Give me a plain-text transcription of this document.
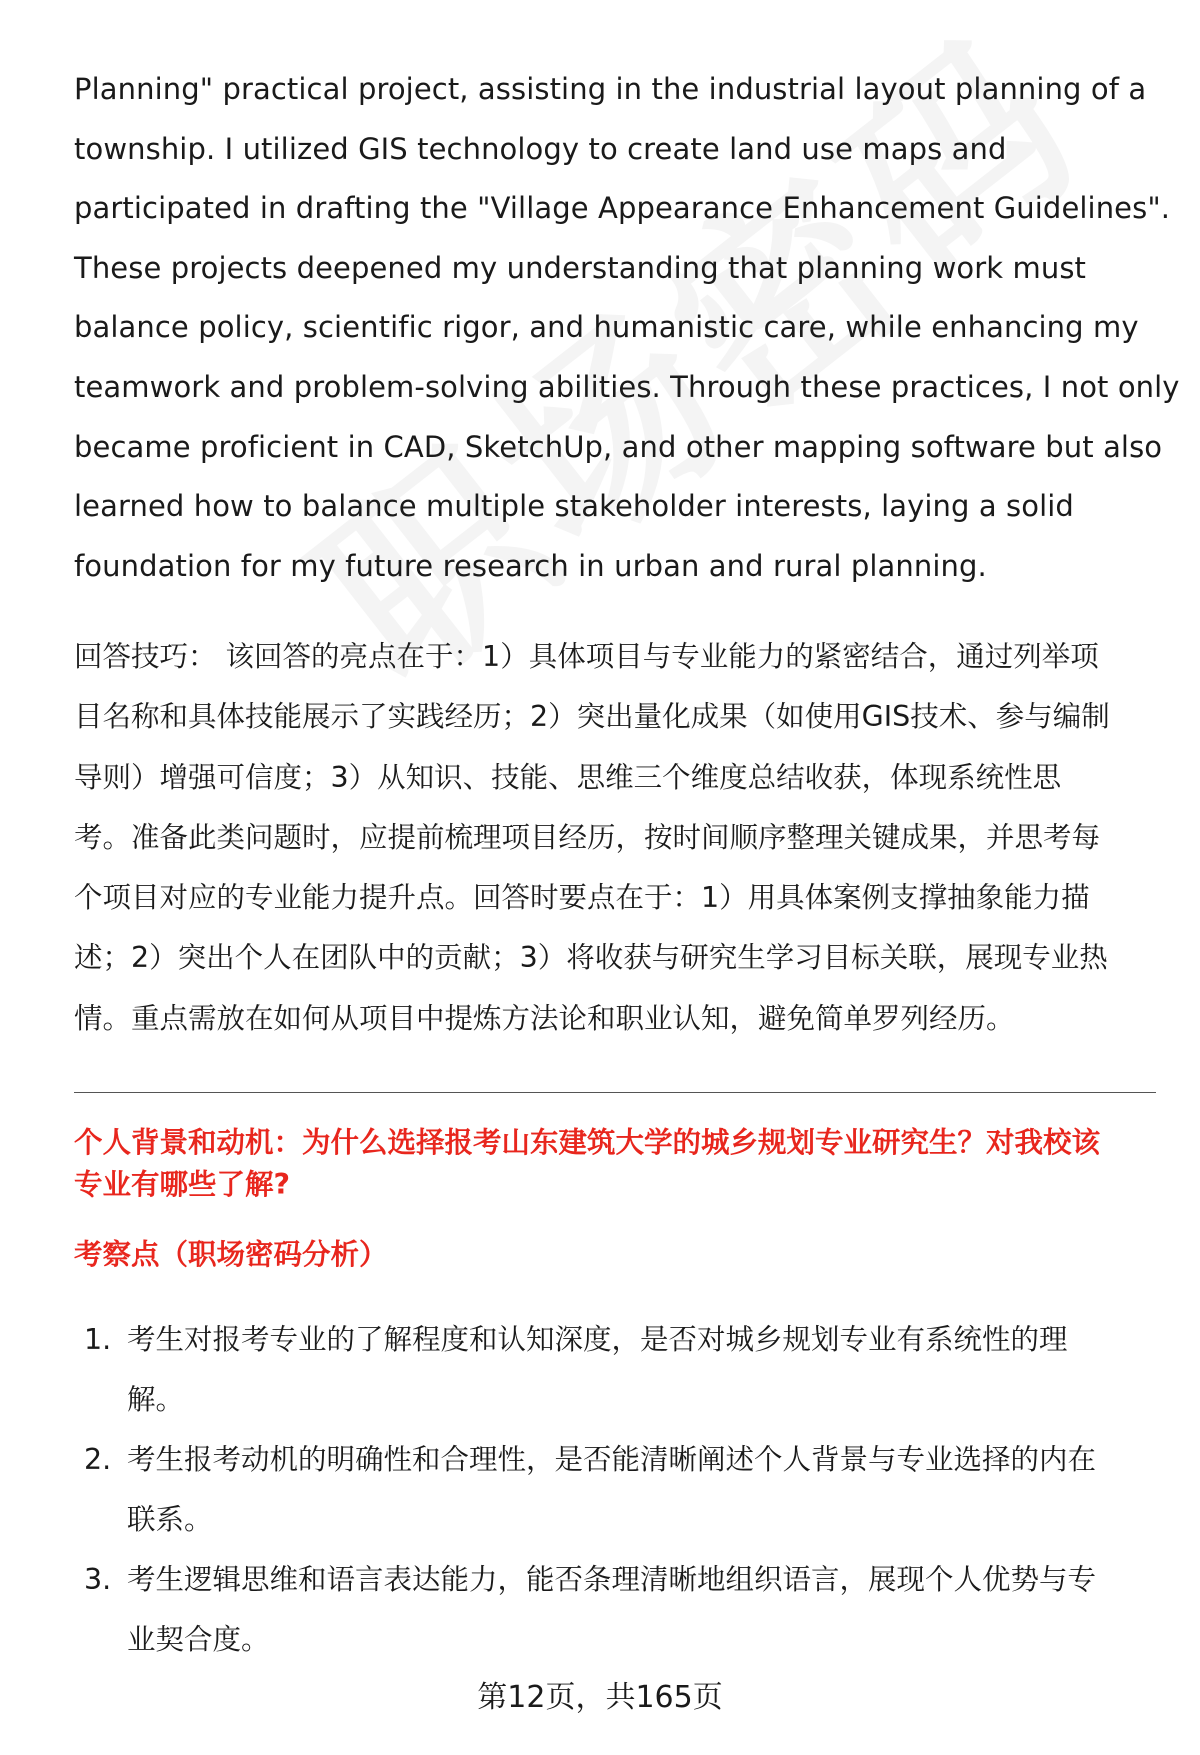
Planning" practical project, assisting in the industrial layout planning of a
township. I utilized GIS technology to create land use maps and
participated in drafting the "Village Appearance Enhancement Guidelines".
These projects deepened my understanding that planning work must
balance policy, scientific rigor, and humanistic care, while enhancing my
teamwork and problem-solving abilities. Through these practices, I not only
became proficient in CAD, SketchUp, and other mapping software but also
learned how to balance multiple stakeholder interests, laying a solid
foundation for my future research in urban and rural planning.
回答技巧： 该回答的亮点在于：1）具体项目与专业能力的紧密结合，通过列举项
目名称和具体技能展示了实践经历；2）突出量化成果（如使用GIS技术、参与编制
导则）增强可信度；3）从知识、技能、思维三个维度总结收获，体现系统性思
考。准备此类问题时，应提前梳理项目经历，按时间顺序整理关键成果，并思考每
个项目对应的专业能力提升点。回答时要点在于：1）用具体案例支撑抽象能力描
述；2）突出个人在团队中的贡献；3）将收获与研究生学习目标关联，展现专业热
情。重点需放在如何从项目中提炼方法论和职业认知，避免简单罗列经历。
个人背景和动机：为什么选择报考山东建筑大学的城乡规划专业研究生？对我校该
专业有哪些了解?
考察点（职场密码分析）
1. 考生对报考专业的了解程度和认知深度，是否对城乡规划专业有系统性的理
解。
2. 考生报考动机的明确性和合理性，是否能清晰阐述个人背景与专业选择的内在
联系。
3. 考生逻辑思维和语言表达能力，能否条理清晰地组织语言，展现个人优势与专
业契合度。
第12页，共165页
